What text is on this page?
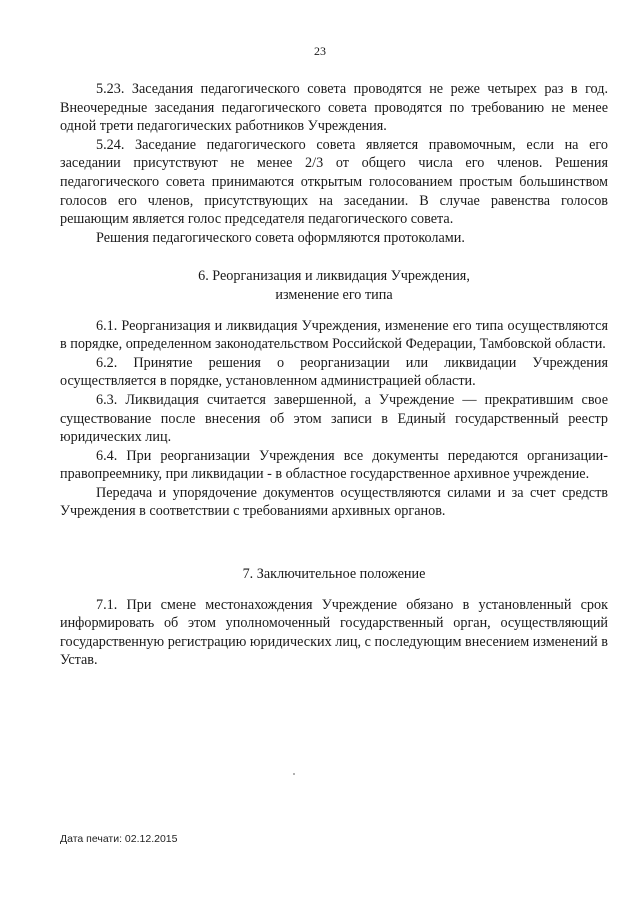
23

5.23. Заседания педагогического совета проводятся не реже четырех раз в год. Внеочередные заседания педагогического совета проводятся по требованию не менее одной трети педагогических работников Учреждения.

5.24. Заседание педагогического совета является правомочным, если на его заседании присутствуют не менее 2/3 от общего числа его членов. Решения педагогического совета принимаются открытым голосованием простым большинством голосов его членов, присутствующих на заседании. В случае равенства голосов решающим является голос председателя педагогического совета.

Решения педагогического совета оформляются протоколами.

6. Реорганизация и ликвидация Учреждения,

изменение его типа

6.1. Реорганизация и ликвидация Учреждения, изменение его типа осуществляются в порядке, определенном законодательством Российской Федерации, Тамбовской области.

6.2. Принятие решения о реорганизации или ликвидации Учреждения осуществляется в порядке, установленном администрацией области.

6.3. Ликвидация считается завершенной, а Учреждение — прекратившим свое существование после внесения об этом записи в Единый государственный реестр юридических лиц.

6.4. При реорганизации Учреждения все документы передаются организации-правопреемнику, при ликвидации - в областное государственное архивное учреждение.

Передача и упорядочение документов осуществляются силами и за счет средств Учреждения в соответствии с требованиями архивных органов.

7. Заключительное положение

7.1. При смене местонахождения Учреждение обязано в установленный срок информировать об этом уполномоченный государственный орган, осуществляющий государственную регистрацию юридических лиц, с последующим внесением изменений в Устав.

Дата печати: 02.12.2015
